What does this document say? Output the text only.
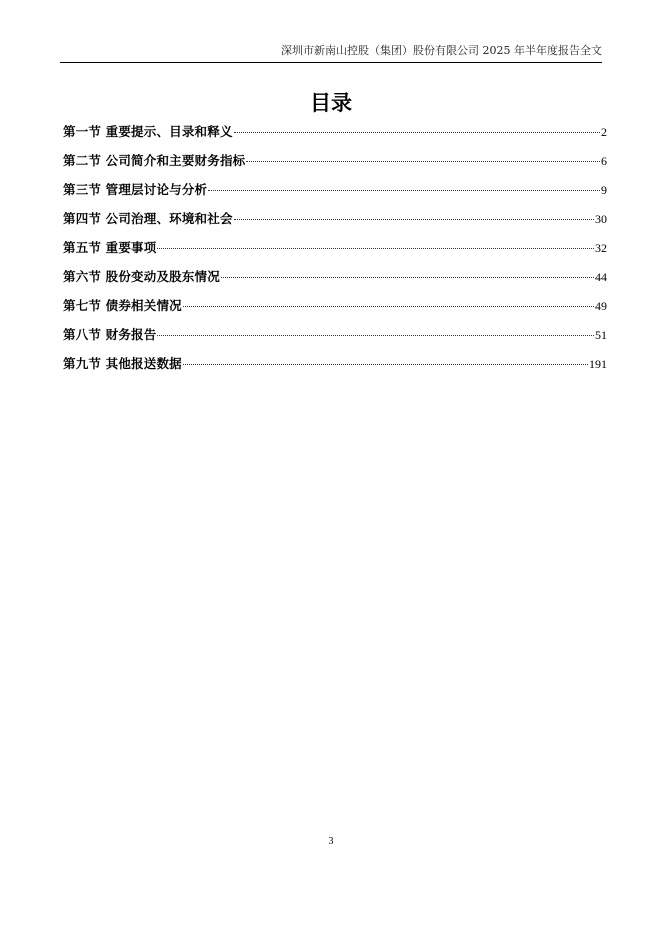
深圳市新南山控股（集团）股份有限公司 2025 年半年度报告全文
目录
第一节 重要提示、目录和释义	2
第二节 公司简介和主要财务指标	6
第三节 管理层讨论与分析	9
第四节 公司治理、环境和社会	30
第五节 重要事项	32
第六节 股份变动及股东情况	44
第七节 债券相关情况	49
第八节 财务报告	51
第九节 其他报送数据	191
3
